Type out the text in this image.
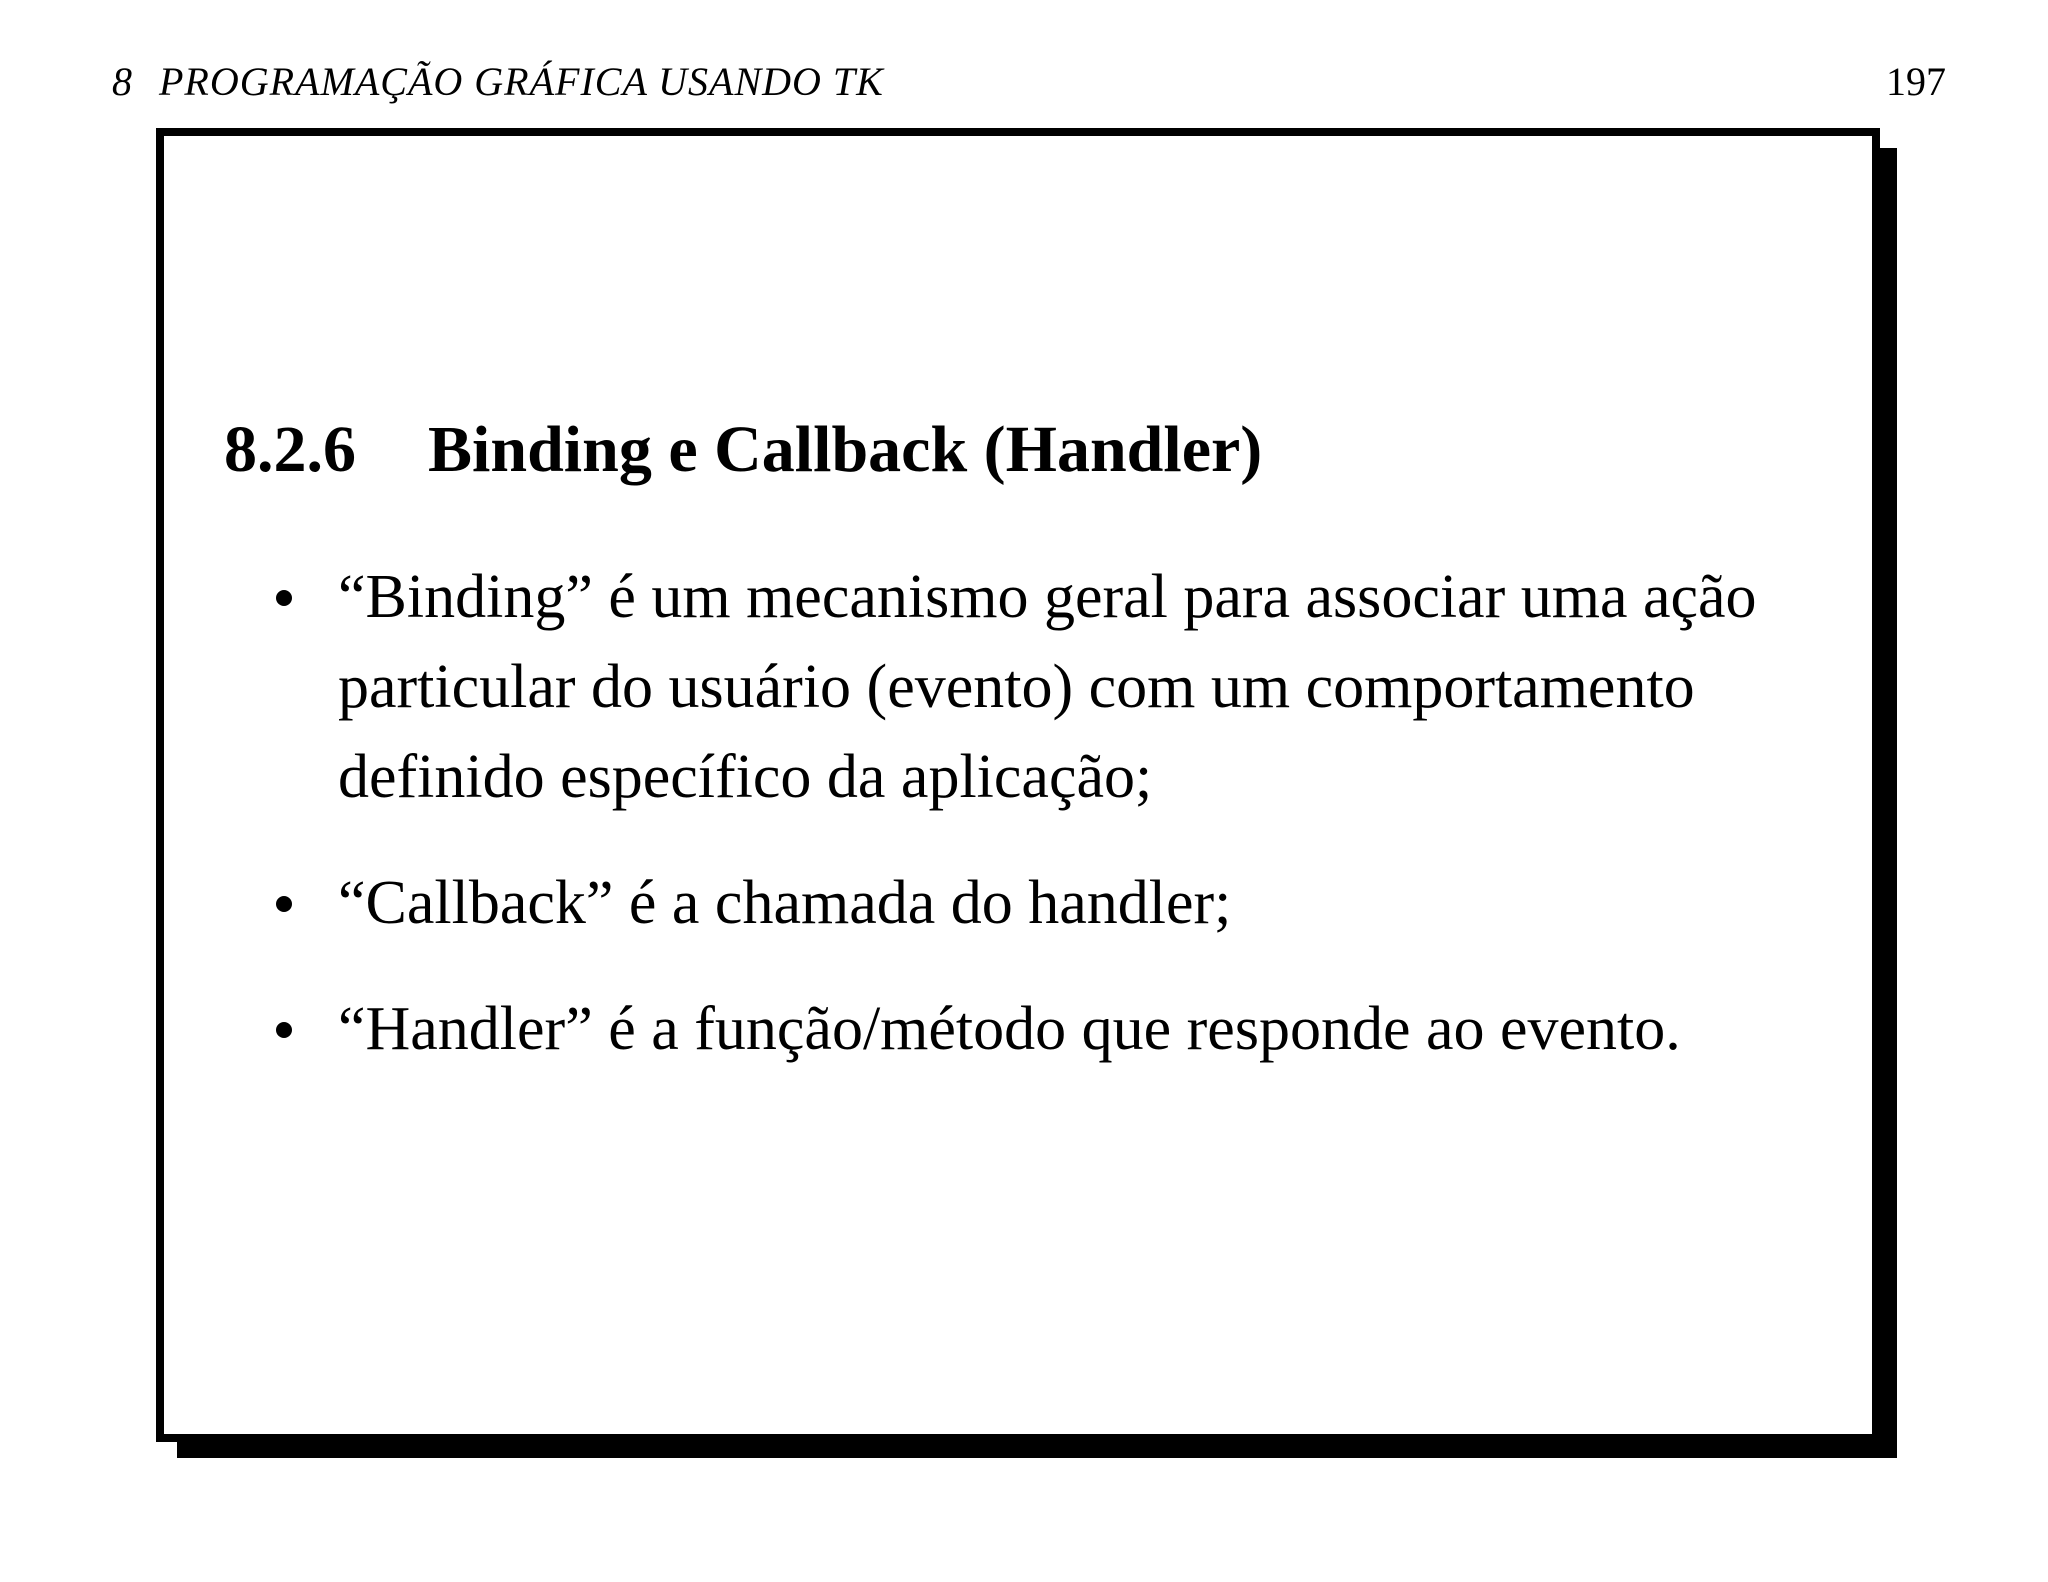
8 PROGRAMAÇÃO GRÁFICA USANDO TK	197
8.2.6 Binding e Callback (Handler)
“Binding” é um mecanismo geral para associar uma ação particular do usuário (evento) com um comportamento definido específico da aplicação;
“Callback” é a chamada do handler;
“Handler” é a função/método que responde ao evento.
